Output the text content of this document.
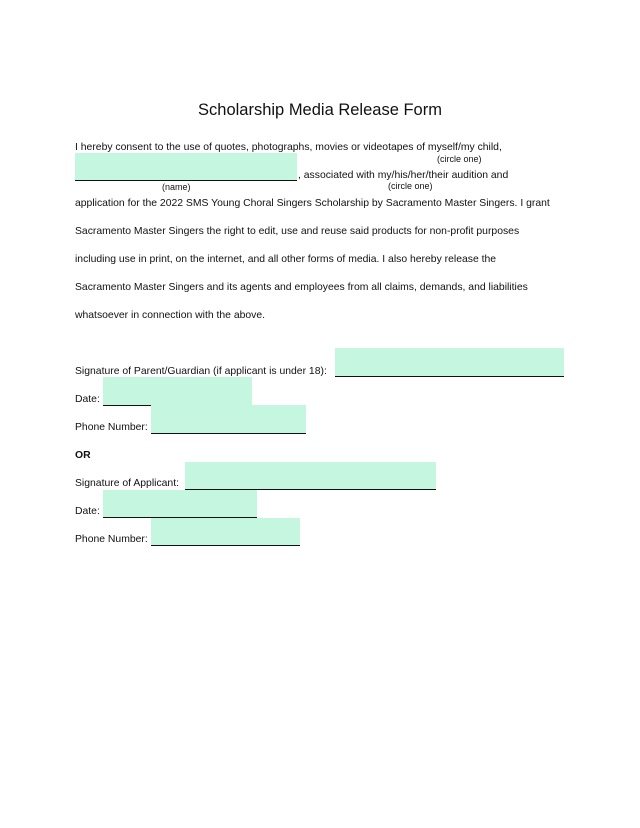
Scholarship Media Release Form
I hereby consent to the use of quotes, photographs, movies or videotapes of myself/my child,
(circle one)
, associated with my/his/her/their audition and
(name)	(circle one)
application for the 2022 SMS Young Choral Singers Scholarship by Sacramento Master Singers. I grant
Sacramento Master Singers the right to edit, use and reuse said products for non-profit purposes
including use in print, on the internet, and all other forms of media. I also hereby release the
Sacramento Master Singers and its agents and employees from all claims, demands, and liabilities
whatsoever in connection with the above.
Signature of Parent/Guardian (if applicant is under 18):
Date:
Phone Number:
OR
Signature of Applicant:
Date:
Phone Number:
